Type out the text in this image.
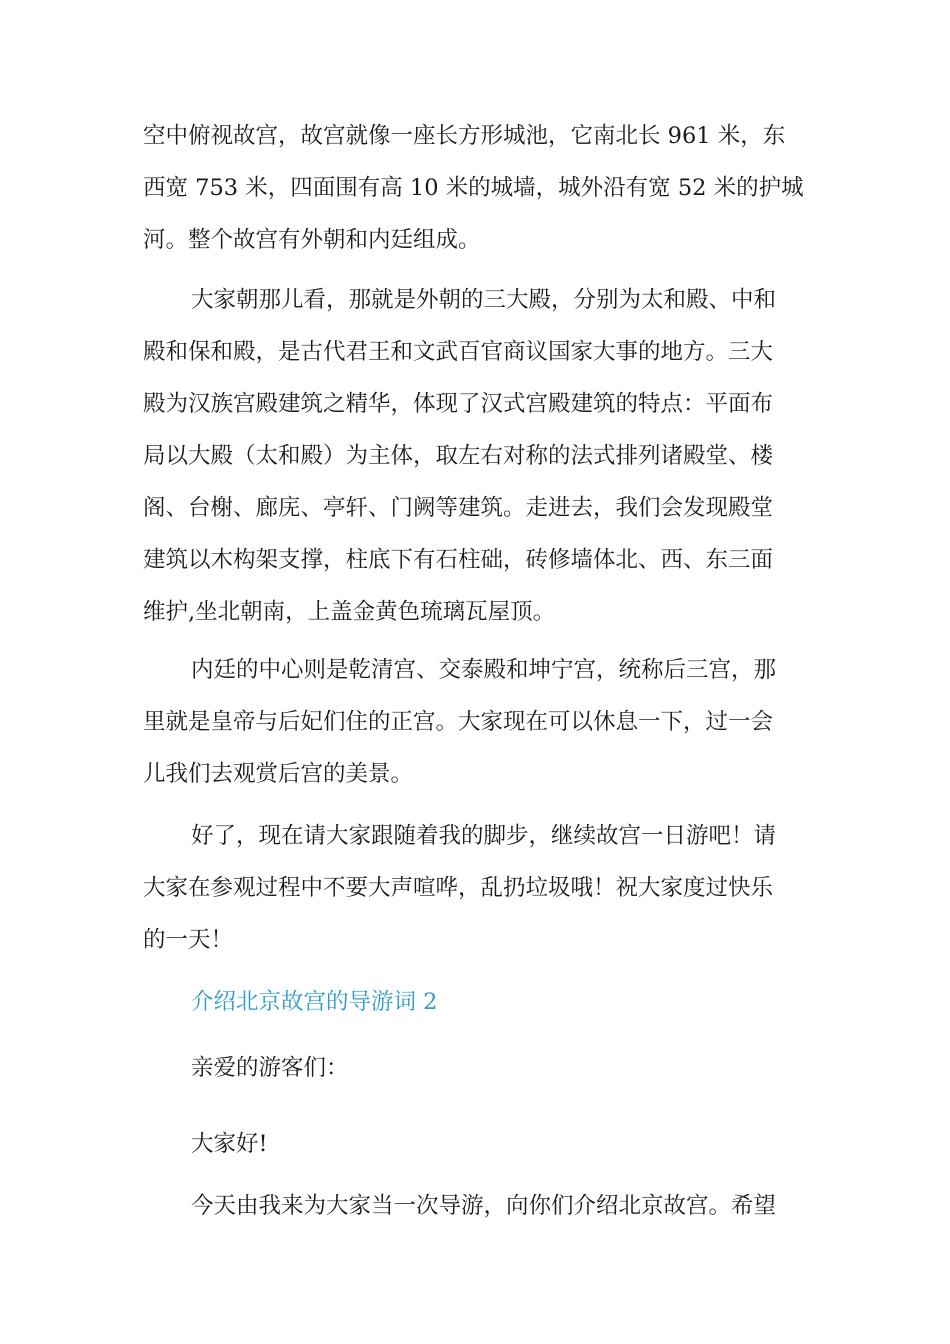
空中俯视故宫，故宫就像一座长方形城池，它南北长 961 米，东
西宽 753 米，四面围有高 10 米的城墙，城外沿有宽 52 米的护城
河。整个故宫有外朝和内廷组成。
大家朝那儿看，那就是外朝的三大殿，分别为太和殿、中和
殿和保和殿，是古代君王和文武百官商议国家大事的地方。三大
殿为汉族宫殿建筑之精华，体现了汉式宫殿建筑的特点：平面布
局以大殿（太和殿）为主体，取左右对称的法式排列诸殿堂、楼
阁、台榭、廊庑、亭轩、门阙等建筑。走进去，我们会发现殿堂
建筑以木构架支撑，柱底下有石柱础，砖修墙体北、西、东三面
维护,坐北朝南，上盖金黄色琉璃瓦屋顶。
内廷的中心则是乾清宫、交泰殿和坤宁宫，统称后三宫，那
里就是皇帝与后妃们住的正宫。大家现在可以休息一下，过一会
儿我们去观赏后宫的美景。
好了，现在请大家跟随着我的脚步，继续故宫一日游吧！请
大家在参观过程中不要大声喧哗，乱扔垃圾哦！祝大家度过快乐
的一天！
介绍北京故宫的导游词 2
亲爱的游客们：
大家好!
今天由我来为大家当一次导游，向你们介绍北京故宫。希望
